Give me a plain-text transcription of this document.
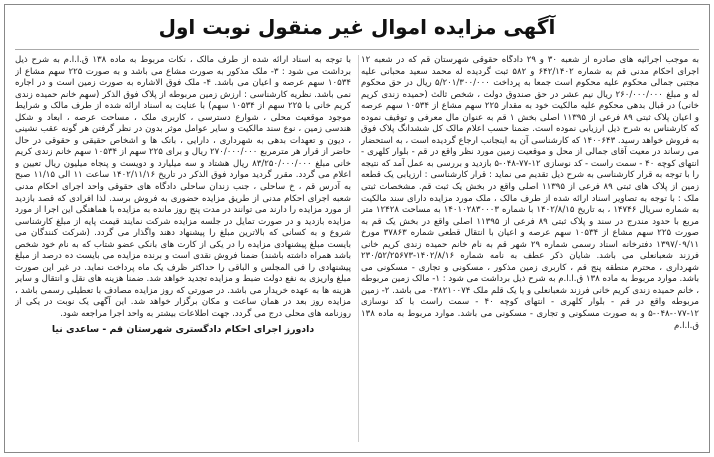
آگهی مزایده اموال غیر منقول نوبت اول

به موجب اجرائیه های صادره از شعبه ۳۰ و ۲۹ دادگاه حقوقی شهرستان قم که در شعبه ۱۲ اجرای احکام مدنی قم به شماره ۶۴۲/۱۴۰۲ و ۵۸۲ ثبت گردیده له محمد سعید محبانی علیه مجتبی جمالی محکوم علیه محکوم است جمعا به پرداخت ۵/۲۰۱/۳۰۰/۰۰۰ ریال در حق محکوم له و مبلغ ۲۶۰/۰۰۰/۰۰۰ ریال نیم عشر در حق صندوق دولت ، شخص ثالث (حمیده زندی کریم خانی) در قبال بدهی محکوم علیه مالکیت خود به مقدار ۲۲۵ سهم مشاع از ۱۰۵۳۴ سهم عرصه و اعیان پلاک ثبتی ۸۹ فرعی از ۱۱۳۹۵ اصلی بخش ۱ قم به عنوان مال معرفی و توقیف نموده که کارشناس به شرح ذیل ارزیابی نموده است. ضمنا حسب اعلام مالک کل ششدانگ پلاک فوق به فروش خواهد رسید. ۱۴۰۰۶۴۳ که کارشناسی آن به اینجانب ارجاع گردیده است ، به استحضار می رساند در معیت آقای جمالی از محل و موقعیت زمین مورد نظر واقع در قم - بلوار کلهری - انتهای کوچه ۴۰ - سمت راست - کد نوسازی ۱۲-۷۷-۰۴۸-۵ بازدید و بررسی به عمل آمد که نتیجه را با توجه به قرار کارشناسی به شرح ذیل تقدیم می نماید : قرار کارشناسی : ارزیابی یک قطعه زمین از پلاک های ثبتی ۸۹ فرعی از ۱۱۳۹۵ اصلی واقع در بخش یک ثبت قم. مشخصات ثبتی ملک : با توجه به تصاویر اسناد ارائه شده از طرف مالک ، ملک مورد مزایده دارای سند مالکیت به شماره سریال ۱۴۷۴۶ ، به تاریخ ۱۴۰۲/۸/۱۵ با شماره ۱۴۰۱۰۲۸۳۰۰۰۳ به مساحت ۱۲۴۲۸ متر مربع با حدود مندرج در سند و پلاک ثبتی ۸۹ فرعی از ۱۱۳۹۵ اصلی واقع در بخش یک قم به صورت ۲۲۵ سهم مشاع از ۱۰۵۳۴ سهم عرصه و اعیان با انتقال قطعی شماره ۳۷۸۶۳ مورخ ۱۳۹۷/۰۹/۱۱ دفترخانه اسناد رسمی شماره ۲۹ شهر قم به نام خانم حمیده زندی کریم خانی فرزند شعبانعلی می باشد. شایان ذکر عطف به نامه شماره ۱۴۰۲/۸/۱۶-۲۳۰/۵۲/۲۵۶۷۳ شهرداری ، محترم منطقه پنج قم ، کاربری زمین مذکور ، مسکونی و تجاری - مسکونی می باشد. موارد مربوط به ماده ۱۳۸ ق.ا.ا.م به شرح ذیل برداشت می شود : ۱- مالک زمین مربوطه ، خانم حمیده زندی کریم خانی فرزند شعبانعلی و یا یک قلم ملک ۰۳۸۲۱۰۰۷۴ می باشد. ۲- زمین مربوطه واقع در قم - بلوار کلهری - انتهای کوچه ۴۰ - سمت راست با کد نوسازی ۱۲-۰۷۷-۰۴۸-۵ و به صورت مسکونی و تجاری - مسکونی می باشد. موارد مربوط به ماده ۱۳۸ ق.ا.ا.م

با توجه به اسناد ارائه شده از طرف مالک ، نکات مربوط به ماده ۱۳۸ ق.ا.ا.م به شرح ذیل برداشت می شود : ۳- ملک مذکور به صورت مشاع می باشد و به صورت ۲۲۵ سهم مشاع از ۱۰۵۳۴ سهم عرصه و اعیان می باشد. ۴- ملک فوق الاشاره به صورت زمین است و در اجاره نمی باشد. نظریه کارشناسی : ارزش زمین مربوطه از پلاک فوق الذکر (سهم خانم حمیده زندی کریم خانی با ۲۲۵ سهم از ۱۰۵۳۴ سهم) با عنایت به اسناد ارائه شده از طرف مالک و شرایط موجود موقعیت محلی ، شوارع دسترسی ، کاربری ملک ، مساحت عرصه ، ابعاد و شکل هندسی زمین ، نوع سند مالکیت و سایر عوامل موثر بدون در نظر گرفتن هر گونه عقب نشینی ، دیون و تعهدات بدهی به شهرداری ، دارایی ، بانک ها و اشخاص حقیقی و حقوقی در حال حاضر از قرار هر مترمربع ۲۷۰/۰۰۰/۰۰۰ ریال و برای ۲۲۵ سهم از ۱۰۵۳۴ سهم خانم زندی کریم خانی مبلغ ۸۳/۲۵۰/۰۰۰/۰۰۰ ریال هشتاد و سه میلیارد و دویست و پنجاه میلیون ریال تعیین و اعلام می گردد. مقرر گردید موارد فوق الذکر در تاریخ ۱۴۰۲/۱۱/۱۶ ساعت ۱۱ الی ۱۱/۱۵ صبح به آدرس قم ، خ ساحلی ، جنب زندان ساحلی دادگاه های حقوقی واحد اجرای احکام مدنی شعبه اجرای احکام مدنی از طریق مزایده حضوری به فروش برسد. لذا افرادی که قصد بازدید از مورد مزایده را دارند می توانند در مدت پنج روز مانده به مزایده با هماهنگی این اجرا از مورد مزایده بازدید و در صورت تمایل در جلسه مزایده شرکت نمایند قیمت پایه از مبلغ کارشناسی شروع و به کسانی که بالاترین مبلغ را پیشنهاد دهند واگذار می گردد. (شرکت کنندگان می بایست مبلغ پیشنهادی مزایده را در یکی از کارت های بانکی عضو شتاب که به نام خود شخص باشد همراه داشته باشند) ضمنا فروش نقدی است و برنده مزایده می بایست ده درصد از مبلغ پیشنهادی را فی المجلس و الباقی را حداکثر ظرف یک ماه پرداخت نماید. در غیر این صورت مبلغ واریزی به نفع دولت ضبط و مزایده تجدید خواهد شد. ضمنا هزینه های نقل و انتقال و سایر هزینه ها به عهده خریدار می باشد. در صورتی که روز مزایده مصادف با تعطیلی رسمی باشد ، مزایده روز بعد در همان ساعت و مکان برگزار خواهد شد. این آگهی یک نوبت در یکی از روزنامه های محلی درج می گردد. جهت اطلاعات بیشتر به واحد اجرا مراجعه شود.

دادورز اجرای احکام دادگستری شهرستان قم - ساعدی نیا
